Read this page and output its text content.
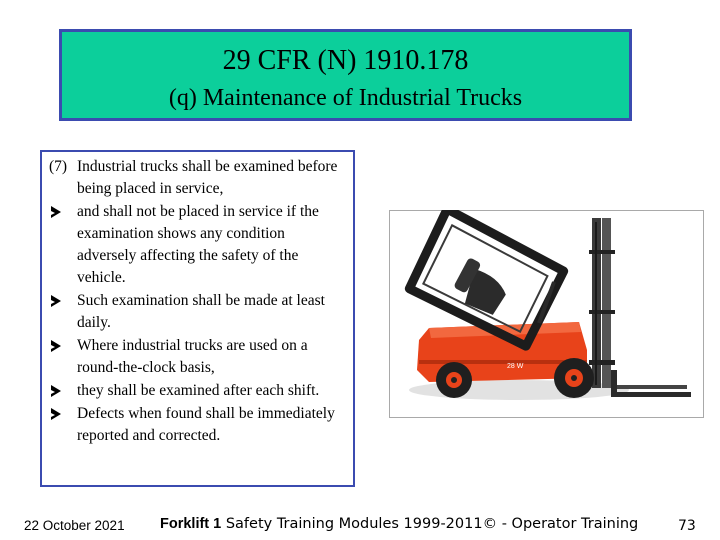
29 CFR (N) 1910.178
(q) Maintenance of Industrial Trucks

(7) Industrial trucks shall be examined before being placed in service,

and shall not be placed in service if the examination shows any condition adversely affecting the safety of the vehicle.

Such examination shall be made at least daily.

Where industrial trucks are used on a round-the-clock basis,

they shall be examined after each shift.

Defects when found shall be immediately reported and corrected.

28 W
22 October 2021 Forklift 1 Safety Training Modules 1999-2011© - Operator Training	73
